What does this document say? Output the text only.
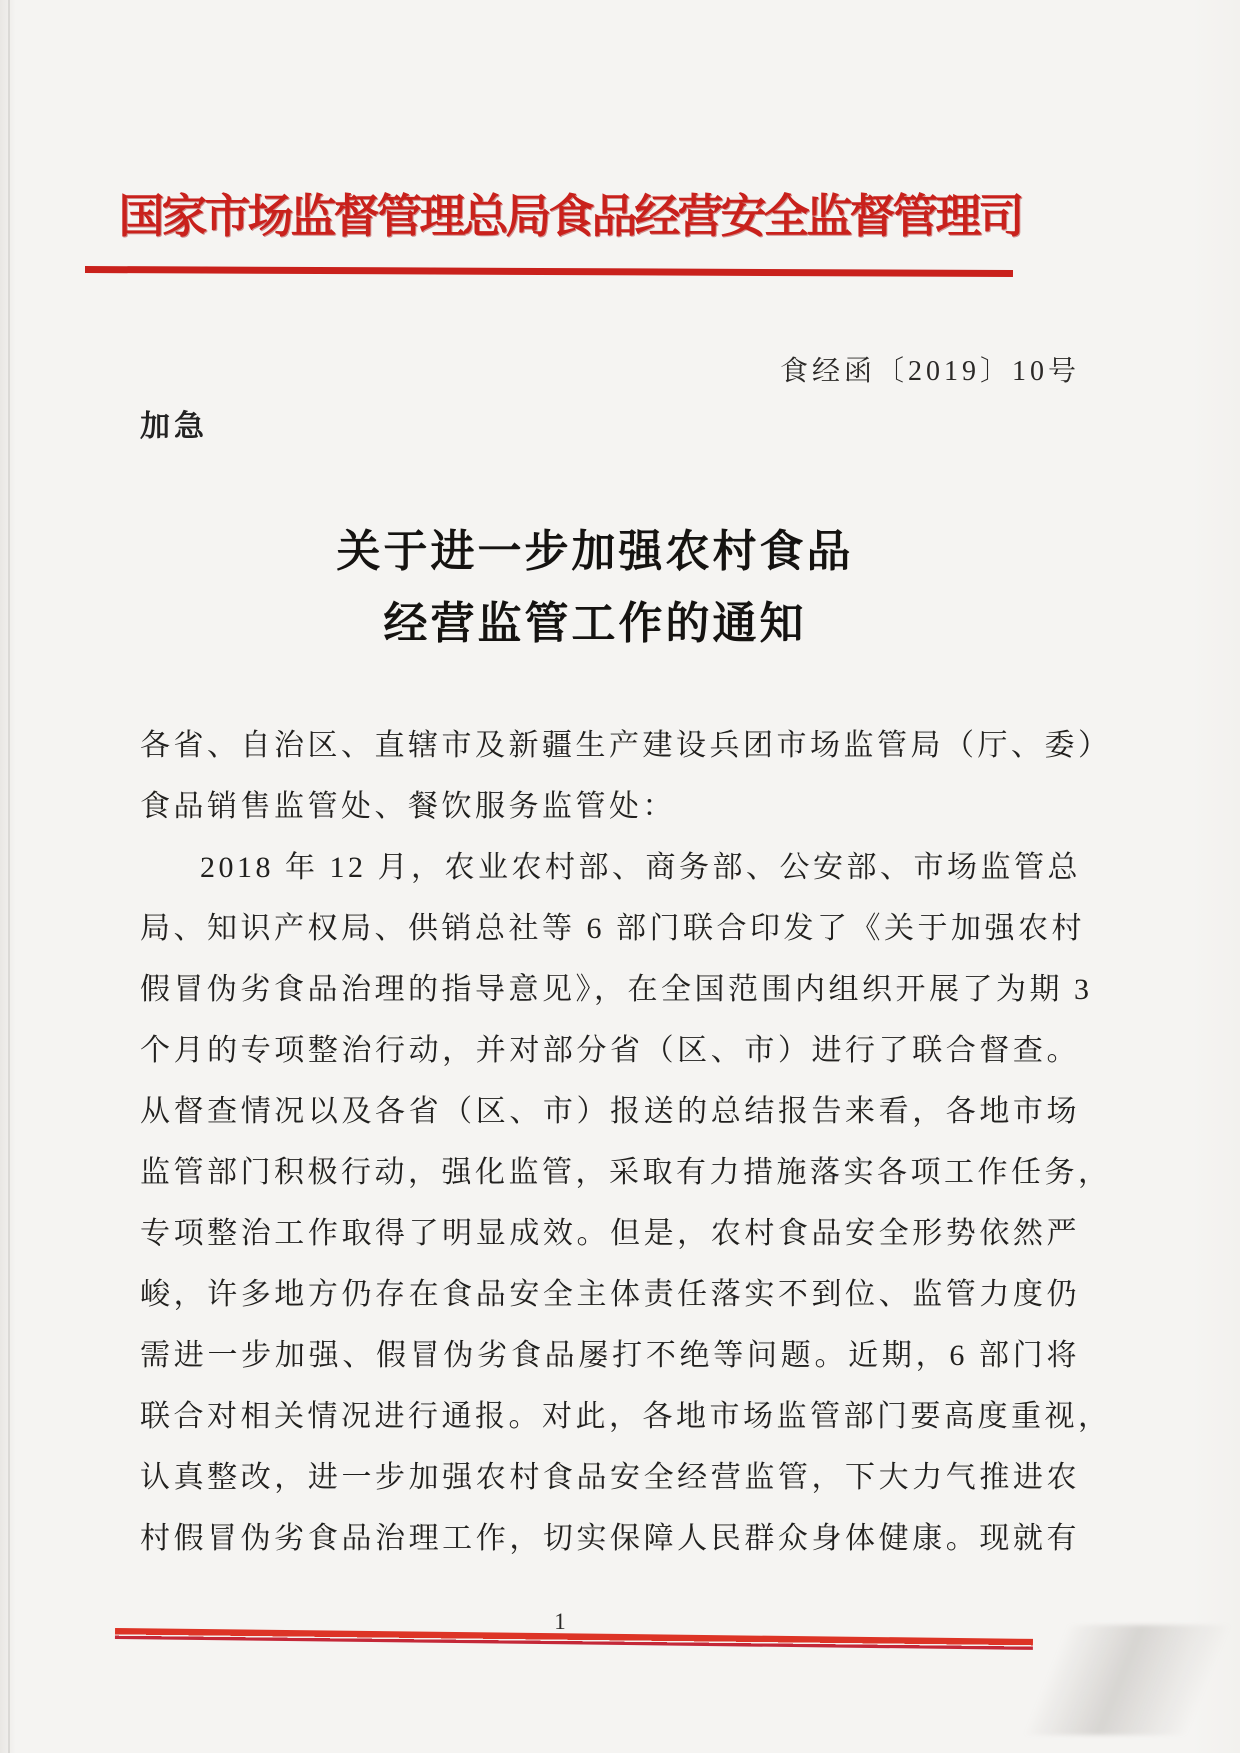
国家市场监督管理总局食品经营安全监督管理司
食经函〔2019〕10号
加急
关于进一步加强农村食品
经营监管工作的通知
各省、自治区、直辖市及新疆生产建设兵团市场监管局（厅、委）
食品销售监管处、餐饮服务监管处：
2018 年 12 月，农业农村部、商务部、公安部、市场监管总
局、知识产权局、供销总社等 6 部门联合印发了《关于加强农村
假冒伪劣食品治理的指导意见》，在全国范围内组织开展了为期 3
个月的专项整治行动，并对部分省（区、市）进行了联合督查。
从督查情况以及各省（区、市）报送的总结报告来看，各地市场
监管部门积极行动，强化监管，采取有力措施落实各项工作任务，
专项整治工作取得了明显成效。但是，农村食品安全形势依然严
峻，许多地方仍存在食品安全主体责任落实不到位、监管力度仍
需进一步加强、假冒伪劣食品屡打不绝等问题。近期，6 部门将
联合对相关情况进行通报。对此，各地市场监管部门要高度重视，
认真整改，进一步加强农村食品安全经营监管，下大力气推进农
村假冒伪劣食品治理工作，切实保障人民群众身体健康。现就有
1
